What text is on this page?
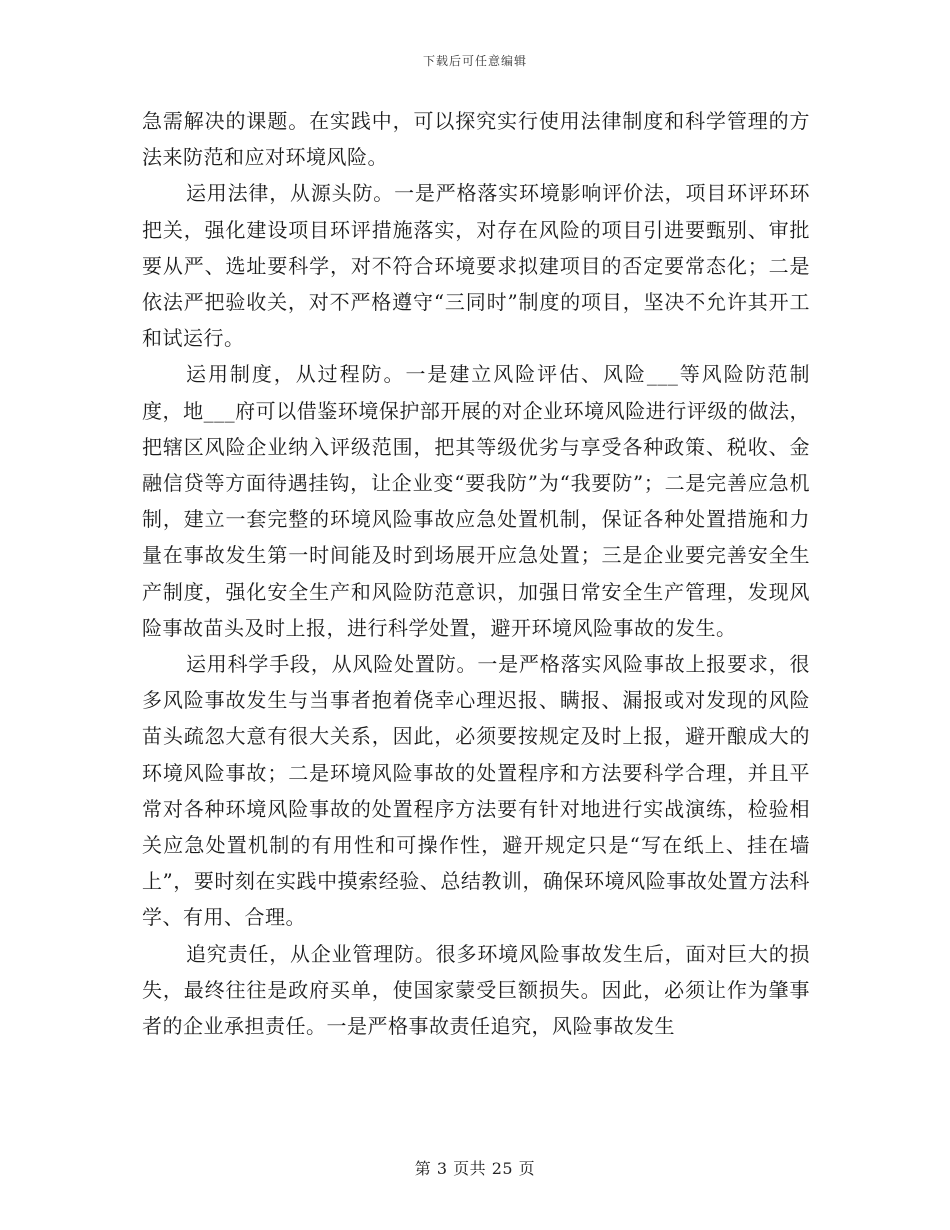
下载后可任意编辑

急需解决的课题。在实践中，可以探究实行使用法律制度和科学管理的方法来防范和应对环境风险。

运用法律，从源头防。一是严格落实环境影响评价法，项目环评环环把关，强化建设项目环评措施落实，对存在风险的项目引进要甄别、审批要从严、选址要科学，对不符合环境要求拟建项目的否定要常态化；二是依法严把验收关，对不严格遵守“三同时”制度的项目，坚决不允许其开工和试运行。

运用制度，从过程防。一是建立风险评估、风险___等风险防范制度，地___府可以借鉴环境保护部开展的对企业环境风险进行评级的做法，把辖区风险企业纳入评级范围，把其等级优劣与享受各种政策、税收、金融信贷等方面待遇挂钩，让企业变“要我防”为“我要防”；二是完善应急机制，建立一套完整的环境风险事故应急处置机制，保证各种处置措施和力量在事故发生第一时间能及时到场展开应急处置；三是企业要完善安全生产制度，强化安全生产和风险防范意识，加强日常安全生产管理，发现风险事故苗头及时上报，进行科学处置，避开环境风险事故的发生。

运用科学手段，从风险处置防。一是严格落实风险事故上报要求，很多风险事故发生与当事者抱着侥幸心理迟报、瞒报、漏报或对发现的风险苗头疏忽大意有很大关系，因此，必须要按规定及时上报，避开酿成大的环境风险事故；二是环境风险事故的处置程序和方法要科学合理，并且平常对各种环境风险事故的处置程序方法要有针对地进行实战演练，检验相关应急处置机制的有用性和可操作性，避开规定只是“写在纸上、挂在墙上”，要时刻在实践中摸索经验、总结教训，确保环境风险事故处置方法科学、有用、合理。

追究责任，从企业管理防。很多环境风险事故发生后，面对巨大的损失，最终往往是政府买单，使国家蒙受巨额损失。因此，必须让作为肇事者的企业承担责任。一是严格事故责任追究，风险事故发生

第 3 页共 25 页
